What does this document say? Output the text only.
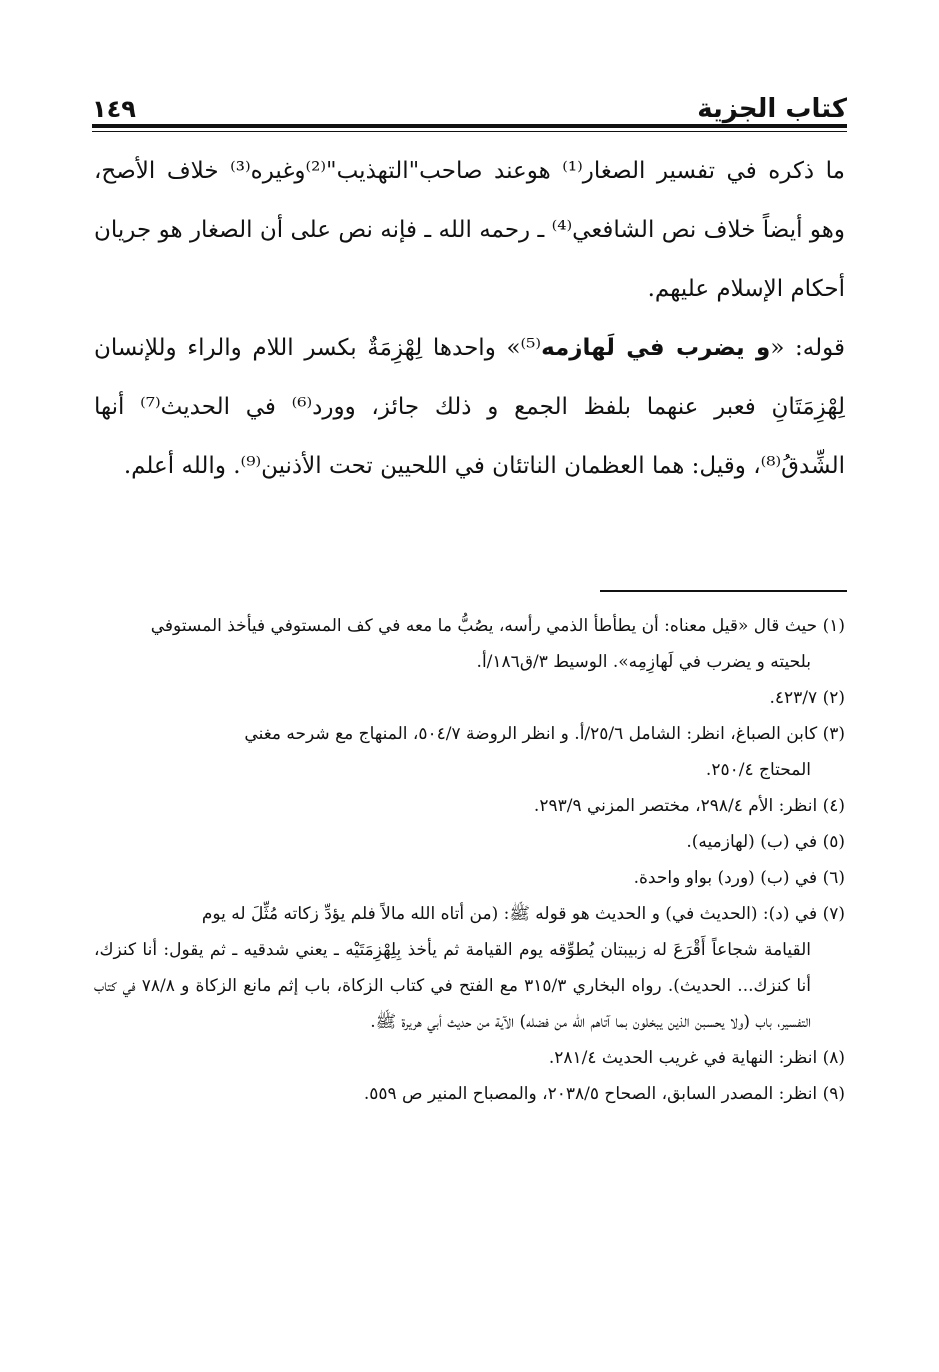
١٤٩	كتاب الجزية

ما ذكره في تفسير الصغار⁽¹⁾ هوعند صاحب"التهذيب"⁽²⁾وغيره⁽³⁾ خلاف الأصح، وهو أيضاً خلاف نص الشافعي⁽⁴⁾ ـ رحمه الله ـ فإنه نص على أن الصغار هو جريان أحكام الإسلام عليهم.

قوله: «و يضرب في لَهازمه⁽⁵⁾» واحدها لِهْزِمَةٌ بكسر اللام والراء وللإنسان لِهْزِمَتَانِ فعبر عنهما بلفظ الجمع و ذلك جائز، وورد⁽⁶⁾ في الحديث⁽⁷⁾ أنها الشِّدقُ⁽⁸⁾، وقيل: هما العظمان الناتئان في اللحيين تحت الأذنين⁽⁹⁾. والله أعلم.

(١) حيث قال «قيل معناه: أن يطأطأ الذمي رأسه، يصُبُّ ما معه في كف المستوفي فيأخذ المستوفي
بلحيته و يضرب في لَهازِمِه». الوسيط ٣/ق١٨٦/أ.
(٢) ٤٢٣/٧.
(٣) كابن الصباغ، انظر: الشامل ٢٥/٦/أ. و انظر الروضة ٥٠٤/٧، المنهاج مع شرحه مغني
المحتاج ٢٥٠/٤.
(٤) انظر: الأم ٢٩٨/٤، مختصر المزني ٢٩٣/٩.
(٥) في (ب) (لهازميه).
(٦) في (ب) (ورد) بواو واحدة.
(٧) في (د): (الحديث في) و الحديث هو قوله ﷺ: (من أتاه الله مالاً فلم يؤدِّ زكاته مُثِّلَ له يوم
القيامة شجاعاً أَقْرَعَ له زبيبتان يُطوِّقه يوم القيامة ثم يأخذ بِلِهْزِمَتَيْه ـ يعني شدقيه ـ ثم يقول: أنا كنزك، أنا كنزك... الحديث). رواه البخاري ٣١٥/٣ مع الفتح في كتاب الزكاة، باب إثم مانع الزكاة و ٧٨/٨ في كتاب التفسير، باب (ولا يحسبن الذين يبخلون بما آتاهم الله من فضله) الآية من حديث أبي هريرة ﷺ.
(٨) انظر: النهاية في غريب الحديث ٢٨١/٤.
(٩) انظر: المصدر السابق، الصحاح ٢٠٣٨/٥، والمصباح المنير ص ٥٥٩.
